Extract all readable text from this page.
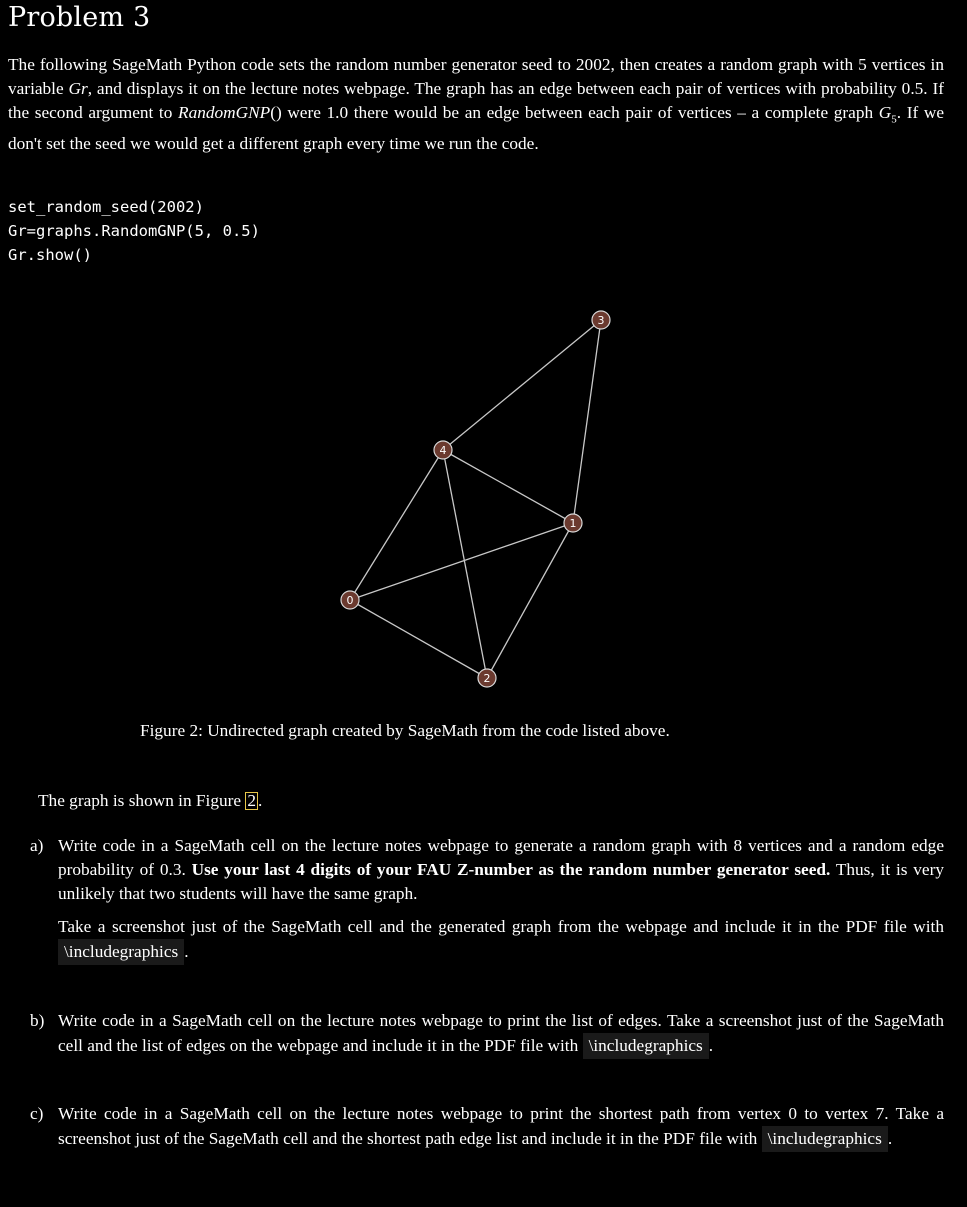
Problem 3

The following SageMath Python code sets the random number generator seed to 2002, then creates a random graph with 5 vertices in variable Gr, and displays it on the lecture notes webpage. The graph has an edge between each pair of vertices with probability 0.5. If the second argument to RandomGNP() were 1.0 there would be an edge between each pair of vertices – a complete graph $G_5$. If we don't set the seed we would get a different graph every time we run the code.

set_random_seed(2002)
Gr=graphs.RandomGNP(5, 0.5)
Gr.show()
0
1
2
3
4

Figure 2: Undirected graph created by SageMath from the code listed above.

The graph is shown in Figure 2 .

a) Write code in a SageMath cell on the lecture notes webpage to generate a random graph with 8 vertices and a random edge probability of 0.3. Use your last 4 digits of your FAU Z-number as the random number generator seed. Thus, it is very unlikely that two students will have the same graph.

Take a screenshot just of the SageMath cell and the generated graph from the webpage and include it in the PDF file with \includegraphics .

b) Write code in a SageMath cell on the lecture notes webpage to print the list of edges. Take a screenshot just of the SageMath cell and the list of edges on the webpage and include it in the PDF file with \includegraphics .

c) Write code in a SageMath cell on the lecture notes webpage to print the shortest path from vertex 0 to vertex 7. Take a screenshot just of the SageMath cell and the shortest path edge list and include it in the PDF file with \includegraphics .
